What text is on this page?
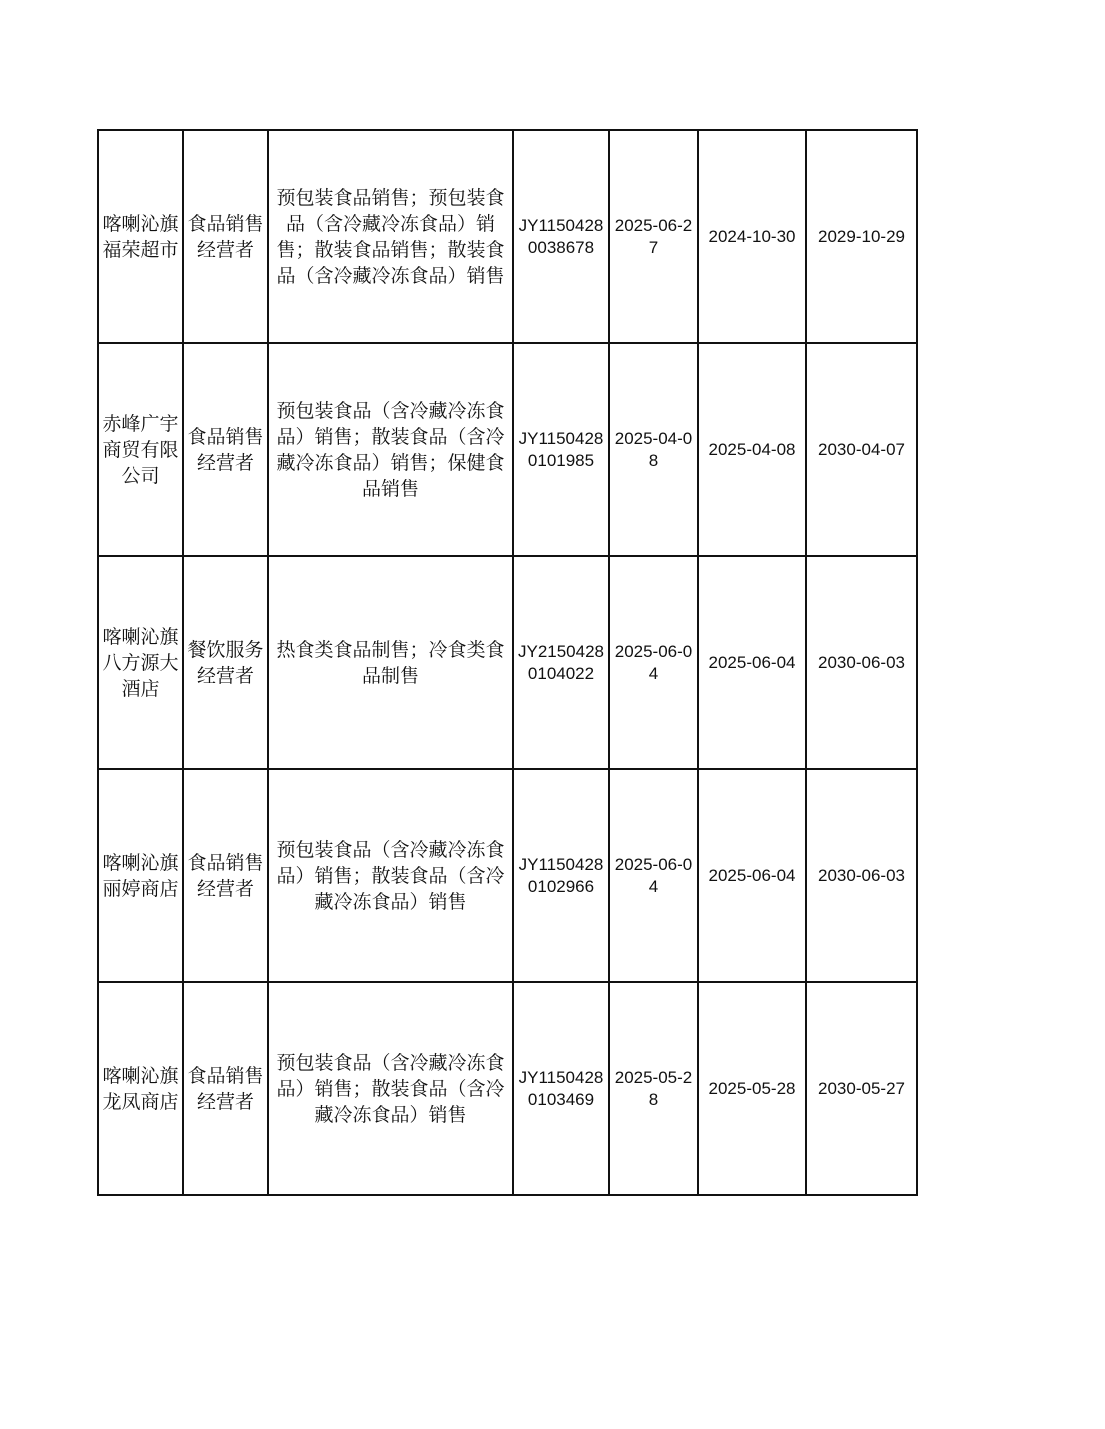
喀喇沁旗福荣超市	食品销售经营者	预包装食品销售；预包装食品（含冷藏冷冻食品）销售；散装食品销售；散装食品（含冷藏冷冻食品）销售	JY11504280038678	2025-06-27	2024-10-30	2029-10-29
赤峰广宇商贸有限公司	食品销售经营者	预包装食品（含冷藏冷冻食品）销售；散装食品（含冷藏冷冻食品）销售；保健食品销售	JY11504280101985	2025-04-08	2025-04-08	2030-04-07
喀喇沁旗八方源大酒店	餐饮服务经营者	热食类食品制售；冷食类食品制售	JY21504280104022	2025-06-04	2025-06-04	2030-06-03
喀喇沁旗丽婷商店	食品销售经营者	预包装食品（含冷藏冷冻食品）销售；散装食品（含冷藏冷冻食品）销售	JY11504280102966	2025-06-04	2025-06-04	2030-06-03
喀喇沁旗龙凤商店	食品销售经营者	预包装食品（含冷藏冷冻食品）销售；散装食品（含冷藏冷冻食品）销售	JY11504280103469	2025-05-28	2025-05-28	2030-05-27
